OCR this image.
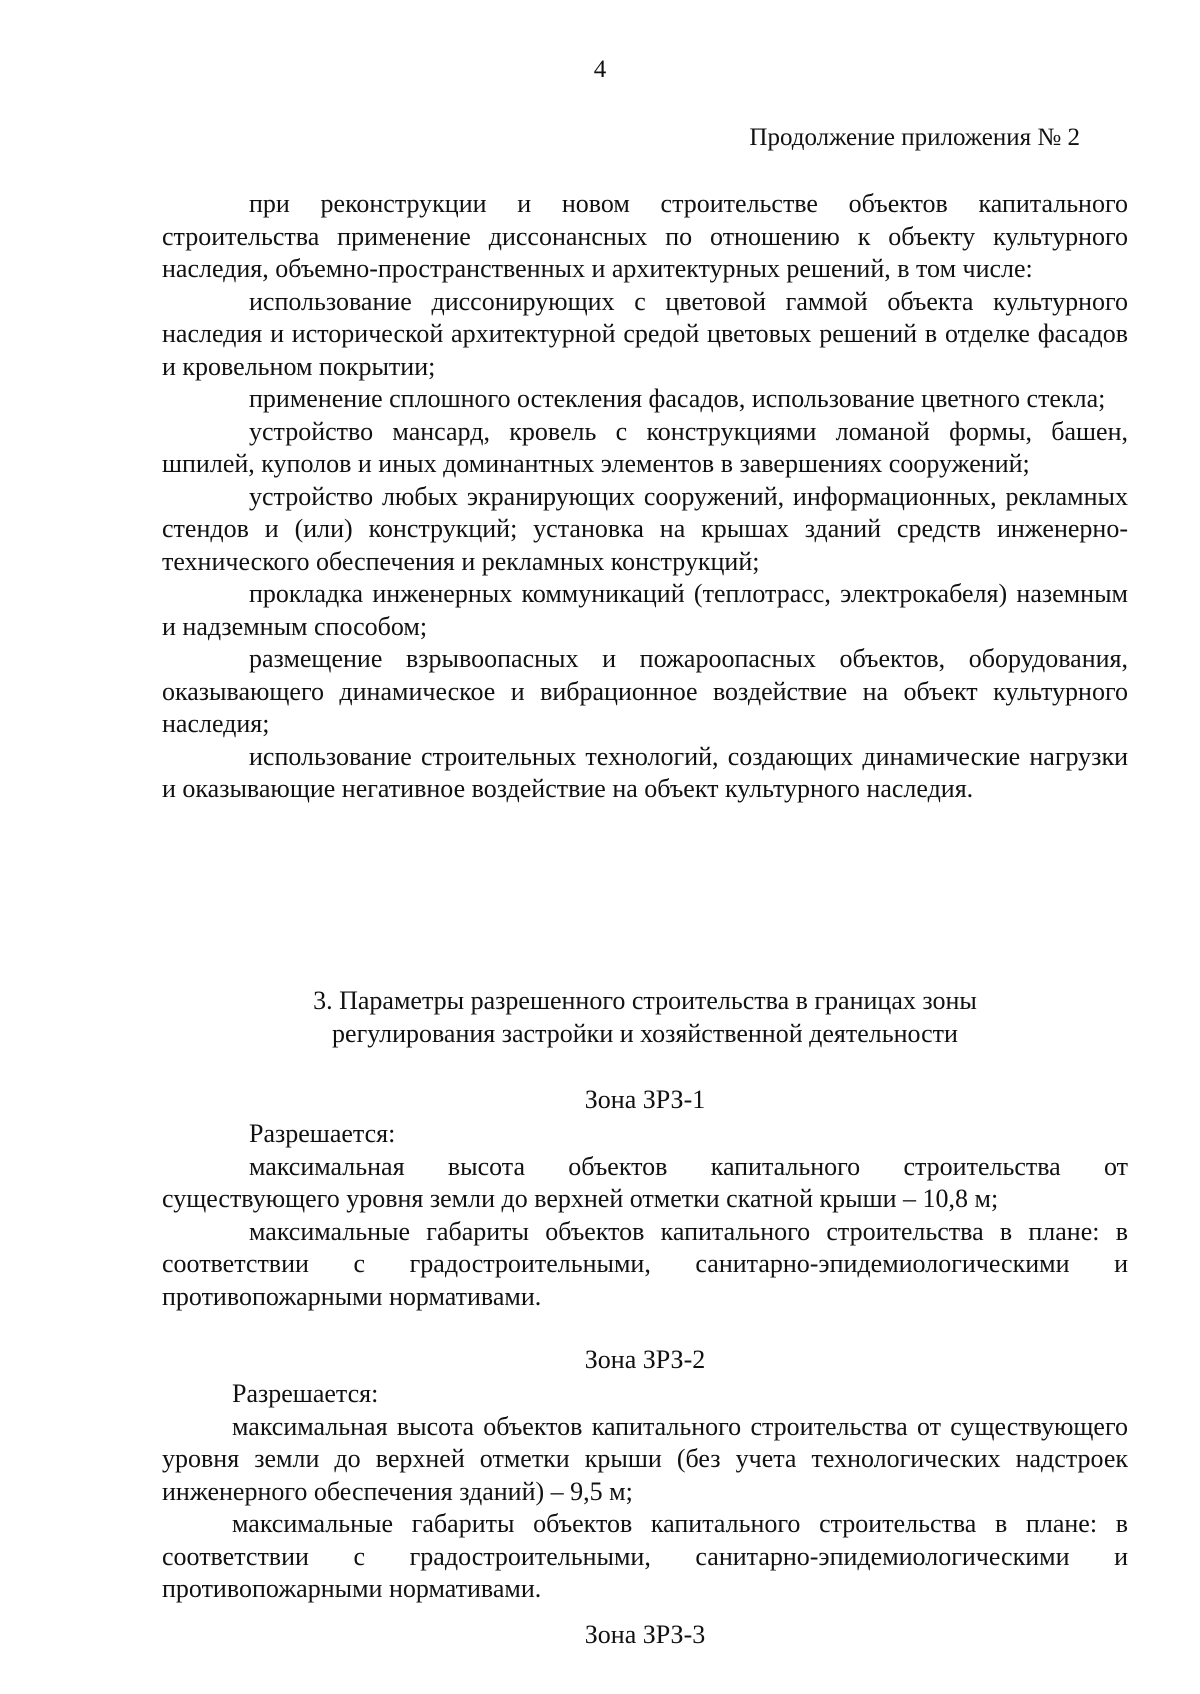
4

Продолжение приложения № 2

при реконструкции и новом строительстве объектов капитального строительства применение диссонансных по отношению к объекту культурного наследия, объемно-пространственных и архитектурных решений, в том числе:

использование диссонирующих с цветовой гаммой объекта культурного наследия и исторической архитектурной средой цветовых решений в отделке фасадов и кровельном покрытии;

применение сплошного остекления фасадов, использование цветного стекла;

устройство мансард, кровель с конструкциями ломаной формы, башен, шпилей, куполов и иных доминантных элементов в завершениях сооружений;

устройство любых экранирующих сооружений, информационных, рекламных стендов и (или) конструкций; установка на крышах зданий средств инженерно-технического обеспечения и рекламных конструкций;

прокладка инженерных коммуникаций (теплотрасс, электрокабеля) наземным и надземным способом;

размещение взрывоопасных и пожароопасных объектов, оборудования, оказывающего динамическое и вибрационное воздействие на объект культурного наследия;

использование строительных технологий, создающих динамические нагрузки и оказывающие негативное воздействие на объект культурного наследия.

3. Параметры разрешенного строительства в границах зоны
регулирования застройки и хозяйственной деятельности

Зона ЗРЗ-1

Разрешается:

максимальная высота объектов капитального строительства от существующего уровня земли до верхней отметки скатной крыши – 10,8 м;

максимальные габариты объектов капитального строительства в плане: в соответствии с градостроительными, санитарно-эпидемиологическими и противопожарными нормативами.

Зона ЗРЗ-2

Разрешается:

максимальная высота объектов капитального строительства от существующего уровня земли до верхней отметки крыши (без учета технологических надстроек инженерного обеспечения зданий) – 9,5 м;

максимальные габариты объектов капитального строительства в плане: в соответствии с градостроительными, санитарно-эпидемиологическими и противопожарными нормативами.

Зона ЗРЗ-3
